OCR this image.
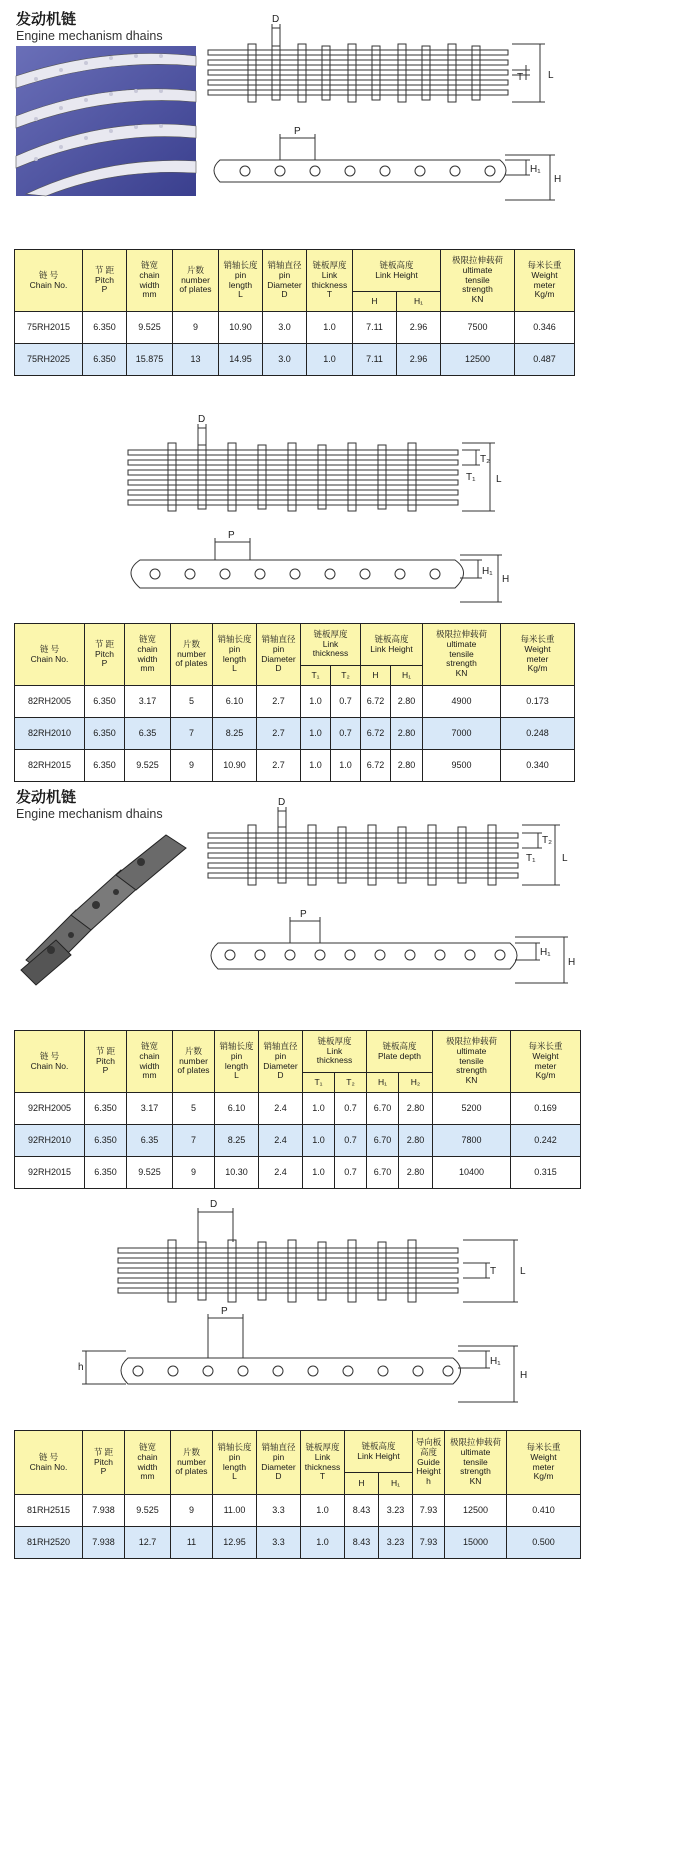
发动机链
Engine mechanism dhains
D
T L
P
H₁
H
链 号
Chain No.	节 距
Pitch
P	链宽
chain
width
mm	片数
number
of plates	销轴长度
pin
length
L	销轴直径
pin
Diameter
D	链板厚度
Link
thickness
T	链板高度
Link Height		极限拉伸载荷
ultimate
tensile
strength
KN	每米长重
Weight
meter
Kg/m
							H	H₁		
75RH2015	6.350	9.525	9	10.90	3.0	1.0	7.11	2.96	7500	0.346
75RH2025	6.350	15.875	13	14.95	3.0	1.0	7.11	2.96	12500	0.487
D
T₁
T₂
L
P
H₁
H
链 号
Chain No.	节 距
Pitch
P	链宽
chain
width
mm	片数
number
of plates	销轴长度
pin
length
L	销轴直径
pin
Diameter
D	链板厚度
Link
thickness		链板高度
Link Height		极限拉伸载荷
ultimate
tensile
strength
KN	每米长重
Weight
meter
Kg/m
						T₁	T₂	H	H₁		
82RH2005	6.350	3.17	5	6.10	2.7	1.0	0.7	6.72	2.80	4900	0.173
82RH2010	6.350	6.35	7	8.25	2.7	1.0	0.7	6.72	2.80	7000	0.248
82RH2015	6.350	9.525	9	10.90	2.7	1.0	1.0	6.72	2.80	9500	0.340
发动机链
Engine mechanism dhains
D
T₁
T₂
L
P
H₁
H
链 号
Chain No.	节 距
Pitch
P	链宽
chain
width
mm	片数
number
of plates	销轴长度
pin
length
L	销轴直径
pin
Diameter
D	链板厚度
Link
thickness		链板高度
Plate depth		极限拉伸载荷
ultimate
tensile
strength
KN	每米长重
Weight
meter
Kg/m
						T₁	T₂	H₁	H₂		
92RH2005	6.350	3.17	5	6.10	2.4	1.0	0.7	6.70	2.80	5200	0.169
92RH2010	6.350	6.35	7	8.25	2.4	1.0	0.7	6.70	2.80	7800	0.242
92RH2015	6.350	9.525	9	10.30	2.4	1.0	0.7	6.70	2.80	10400	0.315
D
T L
P
h
H₁
H
链 号
Chain No.	节 距
Pitch
P	链宽
chain
width
mm	片数
number
of plates	销轴长度
pin
length
L	销轴直径
pin
Diameter
D	链板厚度
Link
thickness
T	链板高度
Link Height		导向板
高度
Guide
Height
h	极限拉伸载荷
ultimate
tensile
strength
KN	每米长重
Weight
meter
Kg/m
							H	H₁			
81RH2515	7.938	9.525	9	11.00	3.3	1.0	8.43	3.23	7.93	12500	0.410
81RH2520	7.938	12.7	11	12.95	3.3	1.0	8.43	3.23	7.93	15000	0.500
